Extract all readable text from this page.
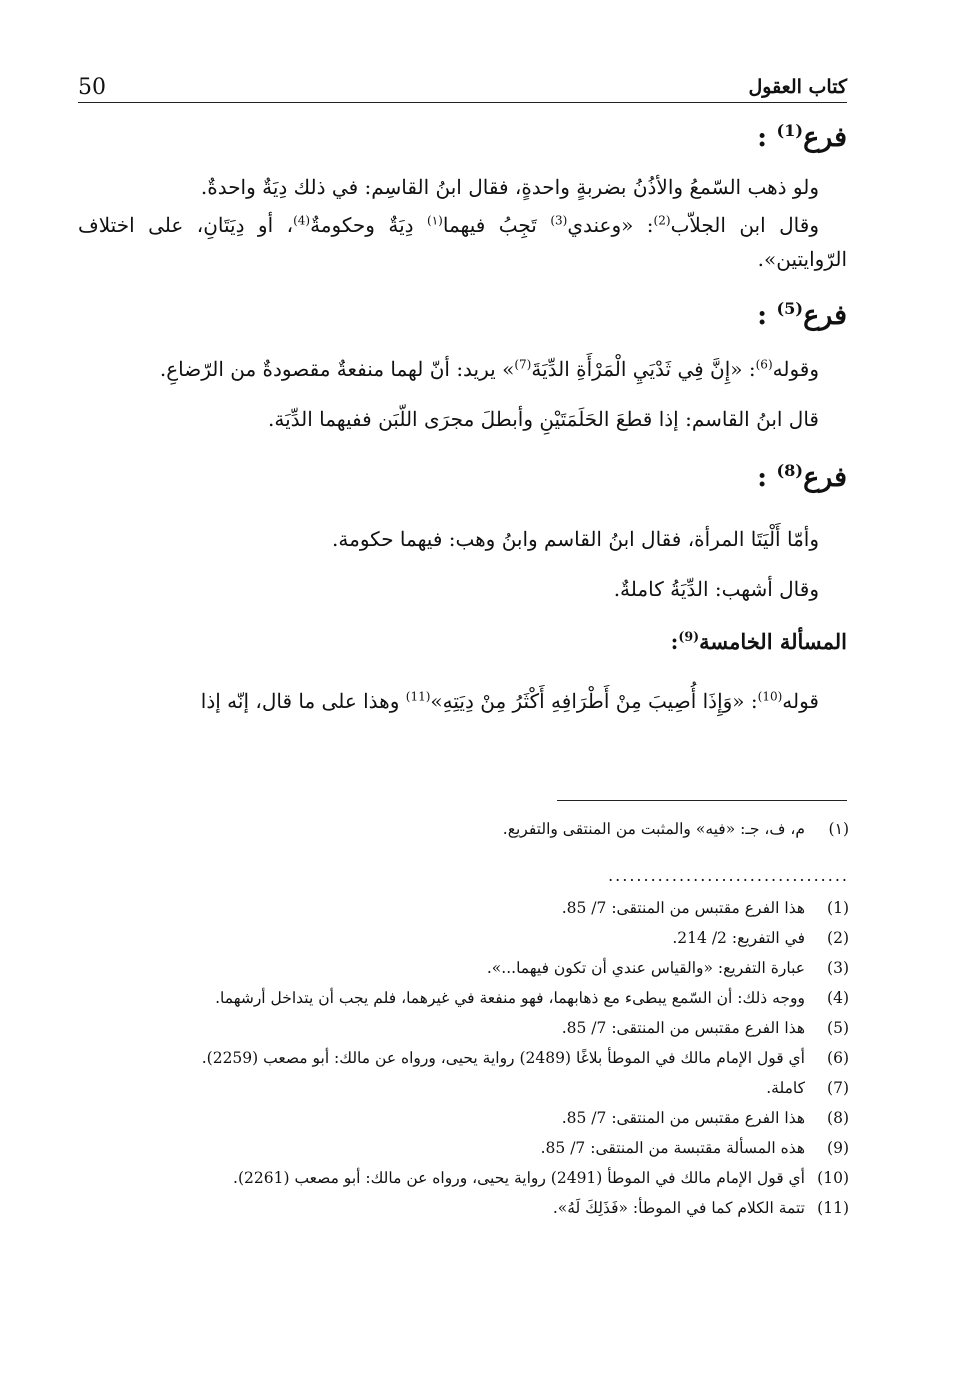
كتاب العقول
50

فرع$^{(1)}$ :

ولو ذهب السّمعُ والأذُنُ بضربةٍ واحدةٍ، فقال ابنُ القاسِم: في ذلك دِيَةٌ واحدةٌ.

وقال ابن الجلاّب$^{(2)}$: «وعندي$^{(3)}$ تَجِبُ فيهما$^{(١)}$ دِيَةٌ وحكومةٌ$^{(4)}$، أو دِيَتَانِ، على اختلاف الرّوايتين».

فرع$^{(5)}$ :

وقوله$^{(6)}$: «إِنَّ فِي ثَدْيَيِ الْمَرْأَةِ الدِّيَةَ$^{(7)}$» يريد: أنّ لهما منفعةٌ مقصودةٌ من الرّضاعِ.

قال ابنُ القاسم: إذا قطعَ الحَلَمَتَيْنِ وأبطلَ مجرَى اللّبَن ففيهما الدِّيَة.

فرع$^{(8)}$ :

وأمّا أَلْيَتَا المرأة، فقال ابنُ القاسم وابنُ وهب: فيهما حكومة.

وقال أشهب: الدِّيَةُ كاملةٌ.

المسألة الخامسة$^{(9)}$:

قوله$^{(10)}$: «وَإِذَا أُصِيبَ مِنْ أَطْرَافِهِ أَكْثَرُ مِنْ دِيَتِهِ»$^{(11)}$ وهذا على ما قال، إنّه إذا

(١)
م، ف، جـ: «فيه» والمثبت من المنتقى والتفريع.
..................................
(1)
هذا الفرع مقتبس من المنتقى: 7/ 85.
(2)
في التفريع: 2/ 214.
(3)
عبارة التفريع: «والقياس عندي أن تكون فيهما...».
(4)
ووجه ذلك: أن السّمع يبطىء مع ذهابهما، فهو منفعة في غيرهما، فلم يجب أن يتداخل أرشهما.
(5)
هذا الفرع مقتبس من المنتقى: 7/ 85.
(6)
أي قول الإمام مالك في الموطأ بلاغًا (2489) رواية يحيى، ورواه عن مالك: أبو مصعب (2259).
(7)
كاملة.
(8)
هذا الفرع مقتبس من المنتقى: 7/ 85.
(9)
هذه المسألة مقتبسة من المنتقى: 7/ 85.
(10)
أي قول الإمام مالك في الموطأ (2491) رواية يحيى، ورواه عن مالك: أبو مصعب (2261).
(11)
تتمة الكلام كما في الموطأ: «فَذَلِكَ لَهُ».
